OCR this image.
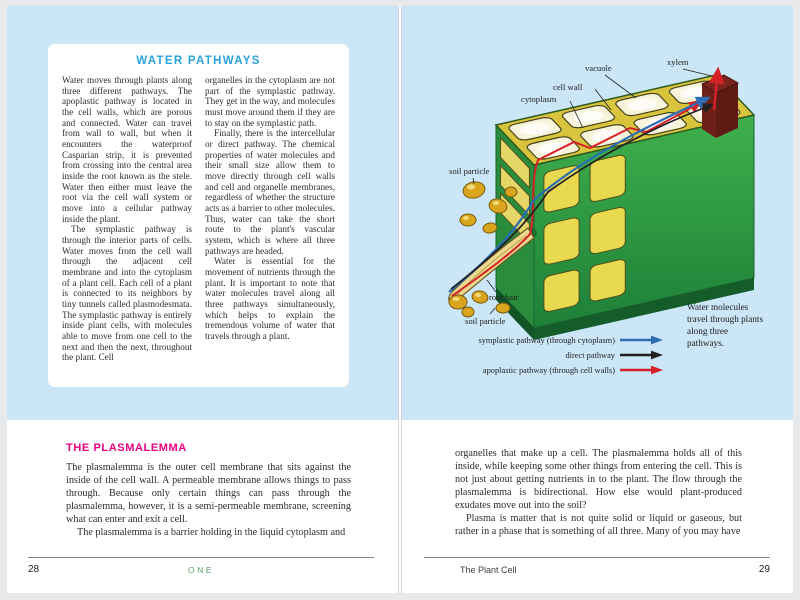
WATER PATHWAYS

Water moves through plants along three different pathways. The apoplastic pathway is located in the cell walls, which are porous and connected. Water can travel from wall to wall, but when it encounters the waterproof Casparian strip, it is prevented from crossing into the central area inside the root known as the stele. Water then either must leave the root via the cell wall system or move into a cellular pathway inside the plant.

The symplastic pathway is through the interior parts of cells. Water moves from the cell wall through the adjacent cell membrane and into the cytoplasm of a plant cell. Each cell of a plant is connected to its neighbors by tiny tunnels called plasmodesmata. The symplastic pathway is entirely inside plant cells, with molecules able to move from one cell to the next and then the next, throughout the plant. Cell

organelles in the cytoplasm are not part of the symplastic pathway. They get in the way, and molecules must move around them if they are to stay on the symplastic path.

Finally, there is the intercellular or direct pathway. The chemical properties of water molecules and their small size allow them to move directly through cell walls and cell and organelle membranes, regardless of whether the structure acts as a barrier to other molecules. Thus, water can take the short route to the plant's vascular system, which is where all three pathways are headed.

Water is essential for the movement of nutrients through the plant. It is important to note that water molecules travel along all three pathways simultaneously, which helps to explain the tremendous volume of water that travels through a plant.

THE PLASMALEMMA

The plasmalemma is the outer cell membrane that sits against the inside of the cell wall. A permeable membrane allows things to pass through. Because only certain things can pass through the plasmalemma, however, it is a semi-permeable membrane, screening what can enter and exit a cell.

The plasmalemma is a barrier holding in the liquid cytoplasm and

28	ONE
vacuole
xylem
cell wall
cytoplasm
soil particle
root hair
soil particle
Water molecules travel through plants along three pathways.
symplastic pathway (through cytoplasm)
direct pathway
apoplastic pathway (through cell walls)

organelles that make up a cell. The plasmalemma holds all of this inside, while keeping some other things from entering the cell. This is not just about getting nutrients in to the plant. The flow through the plasmalemma is bidirectional. How else would plant-produced exudates move out into the soil?

Plasma is matter that is not quite solid or liquid or gaseous, but rather in a phase that is something of all three. Many of you may have

The Plant Cell	29
